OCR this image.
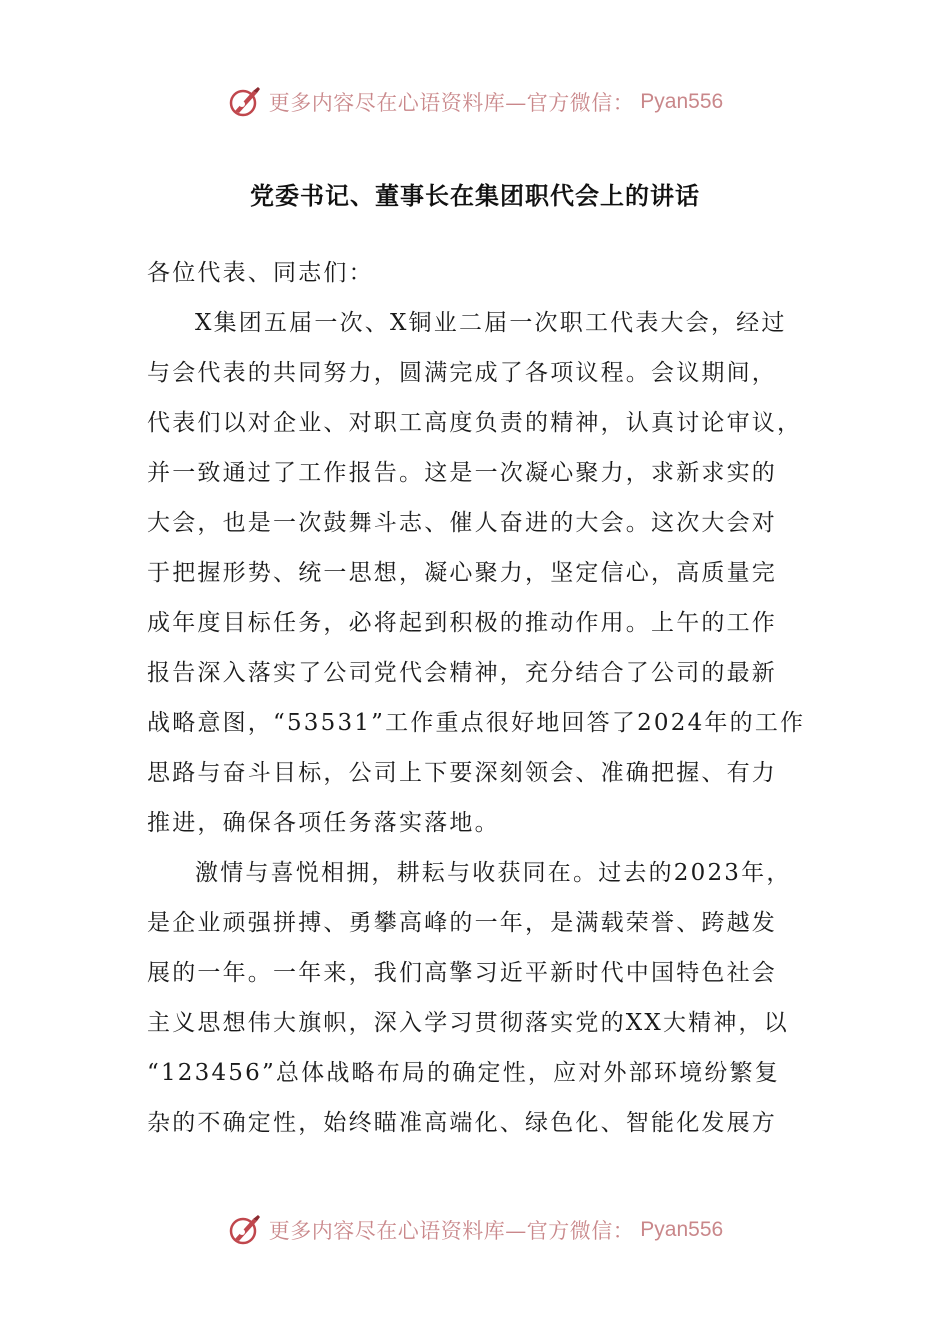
更多内容尽在心语资料库—官方微信： Pyan556
党委书记、董事长在集团职代会上的讲话
各位代表、同志们：
X集团五届一次、X铜业二届一次职工代表大会，经过
与会代表的共同努力，圆满完成了各项议程。会议期间，
代表们以对企业、对职工高度负责的精神，认真讨论审议，
并一致通过了工作报告。这是一次凝心聚力，求新求实的
大会，也是一次鼓舞斗志、催人奋进的大会。这次大会对
于把握形势、统一思想，凝心聚力，坚定信心，高质量完
成年度目标任务，必将起到积极的推动作用。上午的工作
报告深入落实了公司党代会精神，充分结合了公司的最新
战略意图，“53531”工作重点很好地回答了2024年的工作
思路与奋斗目标，公司上下要深刻领会、准确把握、有力
推进，确保各项任务落实落地。
激情与喜悦相拥，耕耘与收获同在。过去的2023年，
是企业顽强拼搏、勇攀高峰的一年，是满载荣誉、跨越发
展的一年。一年来，我们高擎习近平新时代中国特色社会
主义思想伟大旗帜，深入学习贯彻落实党的XX大精神，以
“123456”总体战略布局的确定性，应对外部环境纷繁复
杂的不确定性，始终瞄准高端化、绿色化、智能化发展方
更多内容尽在心语资料库—官方微信： Pyan556
